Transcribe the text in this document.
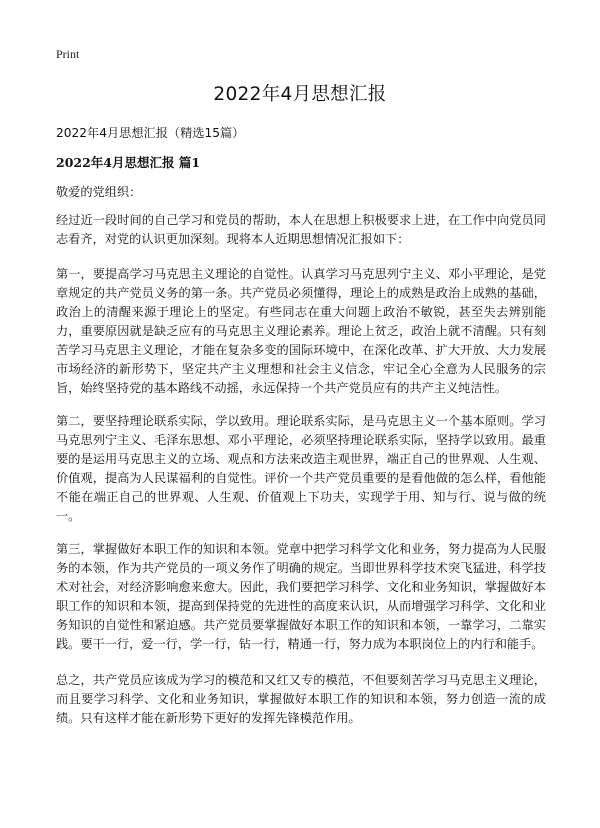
Print
2022年4月思想汇报
2022年4月思想汇报（精选15篇）
2022年4月思想汇报 篇1
敬爱的党组织：

经过近一段时间的自己学习和党员的帮助，本人在思想上积极要求上进，在工作中向党员同志看齐，对党的认识更加深刻。现将本人近期思想情况汇报如下：

第一，要提高学习马克思主义理论的自觉性。认真学习马克思列宁主义、邓小平理论，是党章规定的共产党员义务的第一条。共产党员必须懂得，理论上的成熟是政治上成熟的基础，政治上的清醒来源于理论上的坚定。有些同志在重大问题上政治不敏锐，甚至失去辨别能力，重要原因就是缺乏应有的马克思主义理论素养。理论上贫乏，政治上就不清醒。只有刻苦学习马克思主义理论，才能在复杂多变的国际环境中，在深化改革、扩大开放、大力发展市场经济的新形势下，坚定共产主义理想和社会主义信念，牢记全心全意为人民服务的宗旨，始终坚持党的基本路线不动摇，永远保持一个共产党员应有的共产主义纯洁性。

第二，要坚持理论联系实际，学以致用。理论联系实际，是马克思主义一个基本原则。学习马克思列宁主义、毛泽东思想、邓小平理论，必须坚持理论联系实际，坚持学以致用。最重要的是运用马克思主义的立场、观点和方法来改造主观世界，端正自己的世界观、人生观、价值观，提高为人民谋福利的自觉性。评价一个共产党员重要的是看他做的怎么样，看他能不能在端正自己的世界观、人生观、价值观上下功夫，实现学于用、知与行、说与做的统一。

第三，掌握做好本职工作的知识和本领。党章中把学习科学文化和业务，努力提高为人民服务的本领，作为共产党员的一项义务作了明确的规定。当即世界科学技术突飞猛进，科学技术对社会，对经济影响愈来愈大。因此，我们要把学习科学、文化和业务知识，掌握做好本职工作的知识和本领，提高到保持党的先进性的高度来认识，从而增强学习科学、文化和业务知识的自觉性和紧迫感。共产党员要掌握做好本职工作的知识和本领，一靠学习，二靠实践。要干一行，爱一行，学一行，钻一行，精通一行，努力成为本职岗位上的内行和能手。

总之，共产党员应该成为学习的模范和又红又专的模范，不但要刻苦学习马克思主义理论，而且要学习科学、文化和业务知识，掌握做好本职工作的知识和本领，努力创造一流的成绩。只有这样才能在新形势下更好的发挥先锋模范作用。
